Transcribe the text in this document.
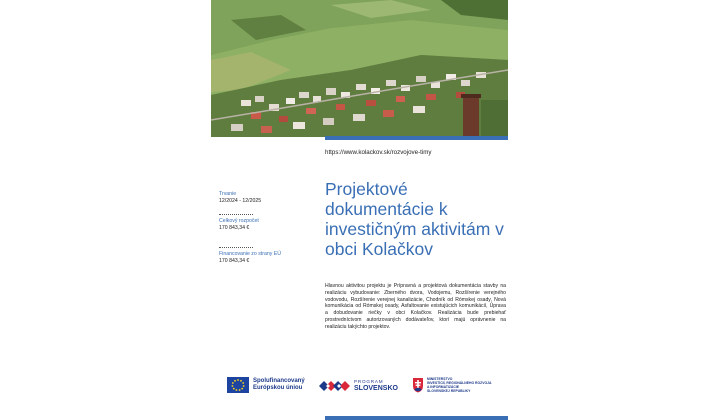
https://www.kolackov.sk/rozvojove-timy
Trvanie
12/2024 - 12/2025
Celkový rozpočet
170 843,34 €
Financovanie zo strany EÚ
170 843,34 €
Projektové dokumentácie k investičným aktivitám v obci Kolačkov
Hlavnou aktivitou projektu je Prípravná a projektová dokumentácia stavby na realizáciu vybudovanie: Zberného dvora, Vodojemu, Rozšírenie verejného vodovodu, Rozšírenie verejnej kanalizácie, Chodník od Rómskej osady, Nová komunikácia od Rómskej osady, Asfaltovanie existujúcich komunikácií, Úprava a dobudovanie riečky v obci Kolačkov. Realizácia bude prebiehať prostredníctvom autorizovaných dodávateľov, ktorí majú oprávnenie na realizáciu takýchto projektov.
Spolufinancovaný
Európskou úniou
PROGRAM
SLOVENSKO
MINISTERSTVO
INVESTÍCIÍ, REGIONÁLNEHO ROZVOJA
A INFORMATIZÁCIE
SLOVENSKEJ REPUBLIKY
